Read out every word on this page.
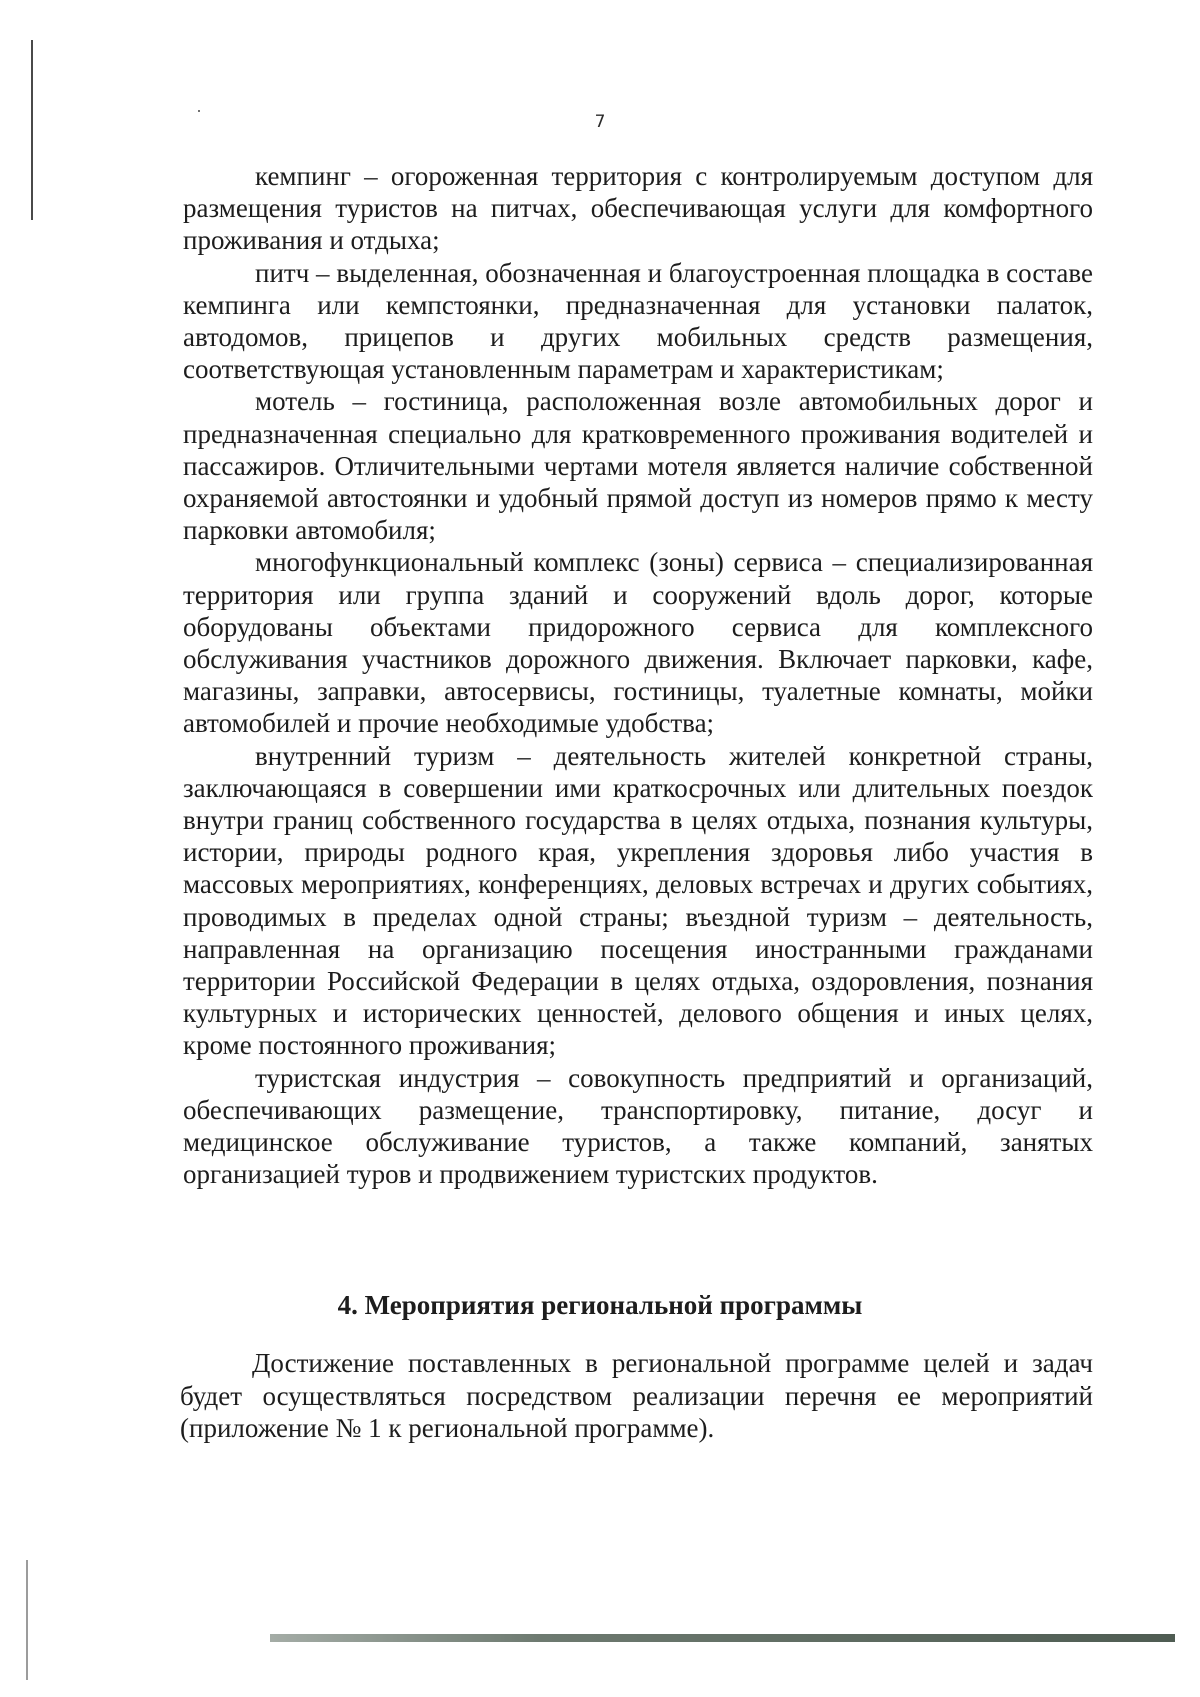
7

кемпинг – огороженная территория с контролируемым доступом для размещения туристов на питчах, обеспечивающая услуги для комфортного проживания и отдыха;

питч – выделенная, обозначенная и благоустроенная площадка в составе кемпинга или кемпстоянки, предназначенная для установки палаток, автодомов, прицепов и других мобильных средств размещения, соответствующая установленным параметрам и характеристикам;

мотель – гостиница, расположенная возле автомобильных дорог и предназначенная специально для кратковременного проживания водителей и пассажиров. Отличительными чертами мотеля является наличие собственной охраняемой автостоянки и удобный прямой доступ из номеров прямо к месту парковки автомобиля;

многофункциональный комплекс (зоны) сервиса – специализированная территория или группа зданий и сооружений вдоль дорог, которые оборудованы объектами придорожного сервиса для комплексного обслуживания участников дорожного движения. Включает парковки, кафе, магазины, заправки, автосервисы, гостиницы, туалетные комнаты, мойки автомобилей и прочие необходимые удобства;

внутренний туризм – деятельность жителей конкретной страны, заключающаяся в совершении ими краткосрочных или длительных поездок внутри границ собственного государства в целях отдыха, познания культуры, истории, природы родного края, укрепления здоровья либо участия в массовых мероприятиях, конференциях, деловых встречах и других событиях, проводимых в пределах одной страны; въездной туризм – деятельность, направленная на организацию посещения иностранными гражданами территории Российской Федерации в целях отдыха, оздоровления, познания культурных и исторических ценностей, делового общения и иных целях, кроме постоянного проживания;

туристская индустрия – совокупность предприятий и организаций, обеспечивающих размещение, транспортировку, питание, досуг и медицинское обслуживание туристов, а также компаний, занятых организацией туров и продвижением туристских продуктов.

4. Мероприятия региональной программы

Достижение поставленных в региональной программе целей и задач будет осуществляться посредством реализации перечня ее мероприятий (приложение № 1 к региональной программе).
